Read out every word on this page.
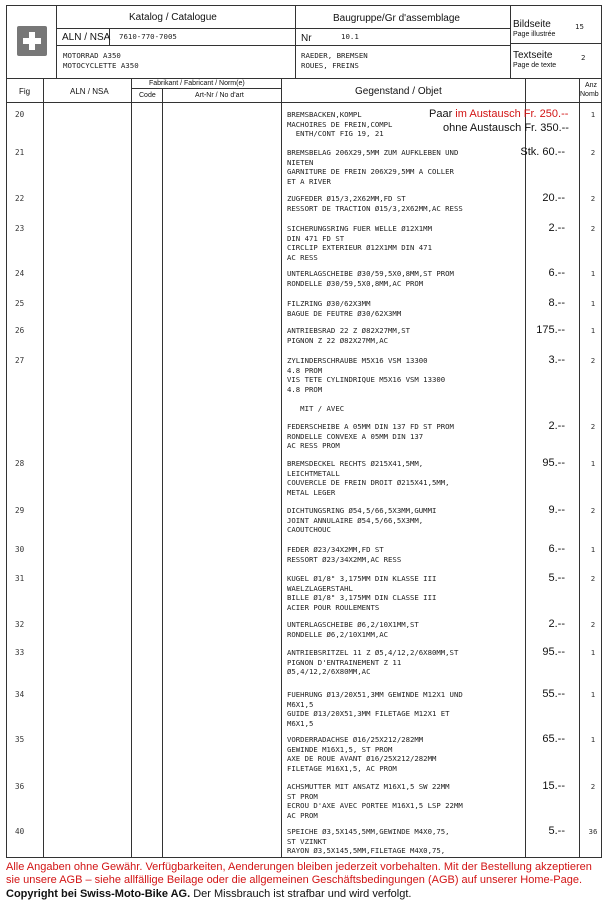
Katalog / Catalogue
ALN / NSA 7610-770-7005
MOTORRAD A350
MOTOCYCLETTE A350
Baugruppe/Gr d'assemblage
Nr	10.1
RAEDER, BREMSEN
ROUES, FREINS
Bildseite
Page illustrée
15
Textseite
Page de texte
2
Fig	ALN / NSA
Fabrikant / Fabricant / Norm(e)
Code	Art-Nr / No d'art	Gegenstand / Objet
Anz
Nomb
20	BREMSBACKEN,KOMPL
MACHOIRES DE FREIN,COMPL
ENTH/CONT FIG 19, 21
1
21	BREMSBELAG 206X29,5MM ZUM AUFKLEBEN UND
NIETEN
GARNITURE DE FREIN 206X29,5MM A COLLER
ET A RIVER
Stk. 60.--	2
22	ZUGFEDER Ø15/3,2X62MM,FD ST
RESSORT DE TRACTION Ø15/3,2X62MM,AC RESS
20.--	2
23	SICHERUNGSRING FUER WELLE Ø12X1MM
DIN 471 FD ST
CIRCLIP EXTERIEUR Ø12X1MM DIN 471
AC RESS
2.--	2
24	UNTERLAGSCHEIBE Ø30/59,5X0,8MM,ST PROM
RONDELLE Ø30/59,5X0,8MM,AC PROM
6.--	1
25	FILZRING Ø30/62X3MM
BAGUE DE FEUTRE Ø30/62X3MM
8.--	1
26	ANTRIEBSRAD 22 Z Ø82X27MM,ST
PIGNON Z 22 Ø82X27MM,AC
175.--	1
27	ZYLINDERSCHRAUBE M5X16 VSM 13300
4.8 PROM
VIS TETE CYLINDRIQUE M5X16 VSM 13300
4.8 PROM

MIT / AVEC
3.--	2
FEDERSCHEIBE A 05MM DIN 137 FD ST PROM
RONDELLE CONVEXE A 05MM DIN 137
AC RESS PROM
2.--	2
28	BREMSDECKEL RECHTS Ø215X41,5MM,
LEICHTMETALL
COUVERCLE DE FREIN DROIT Ø215X41,5MM,
METAL LEGER
95.--	1
29	DICHTUNGSRING Ø54,5/66,5X3MM,GUMMI
JOINT ANNULAIRE Ø54,5/66,5X3MM,
CAOUTCHOUC
9.--	2
30	FEDER Ø23/34X2MM,FD ST
RESSORT Ø23/34X2MM,AC RESS
6.--	1
31	KUGEL Ø1/8" 3,175MM DIN KLASSE III
WAELZLAGERSTAHL
BILLE Ø1/8" 3,175MM DIN CLASSE III
ACIER POUR ROULEMENTS
5.--	2
32	UNTERLAGSCHEIBE Ø6,2/10X1MM,ST
RONDELLE Ø6,2/10X1MM,AC
2.--	2
33	ANTRIEBSRITZEL 11 Z Ø5,4/12,2/6X80MM,ST
PIGNON D'ENTRAINEMENT Z 11
Ø5,4/12,2/6X80MM,AC
95.--	1
34	FUEHRUNG Ø13/20X51,3MM GEWINDE M12X1 UND
M6X1,5
GUIDE Ø13/20X51,3MM FILETAGE M12X1 ET
M6X1,5
55.--	1
35	VORDERRADACHSE Ø16/25X212/282MM
GEWINDE M16X1,5, ST PROM
AXE DE ROUE AVANT Ø16/25X212/282MM
FILETAGE M16X1,5, AC PROM
65.--	1
36	ACHSMUTTER MIT ANSATZ M16X1,5 SW 22MM
ST PROM
ECROU D'AXE AVEC PORTEE M16X1,5 LSP 22MM
AC PROM
15.--	2
40	SPEICHE Ø3,5X145,5MM,GEWINDE M4X0,75,
ST VZINKT
RAYON Ø3,5X145,5MM,FILETAGE M4X0,75,
5.--	36
Paar im Austausch Fr. 250.--
ohne Austausch Fr. 350.--
Alle Angaben ohne Gewähr. Verfügbarkeiten, Aenderungen bleiben jederzeit vorbehalten. Mit der Bestellung akzeptieren sie unsere AGB – siehe allfällige Beilage oder die allgemeinen Geschäftsbedingungen (AGB) auf unserer Home-Page. Copyright bei Swiss-Moto-Bike AG. Der Missbrauch ist strafbar und wird verfolgt.
